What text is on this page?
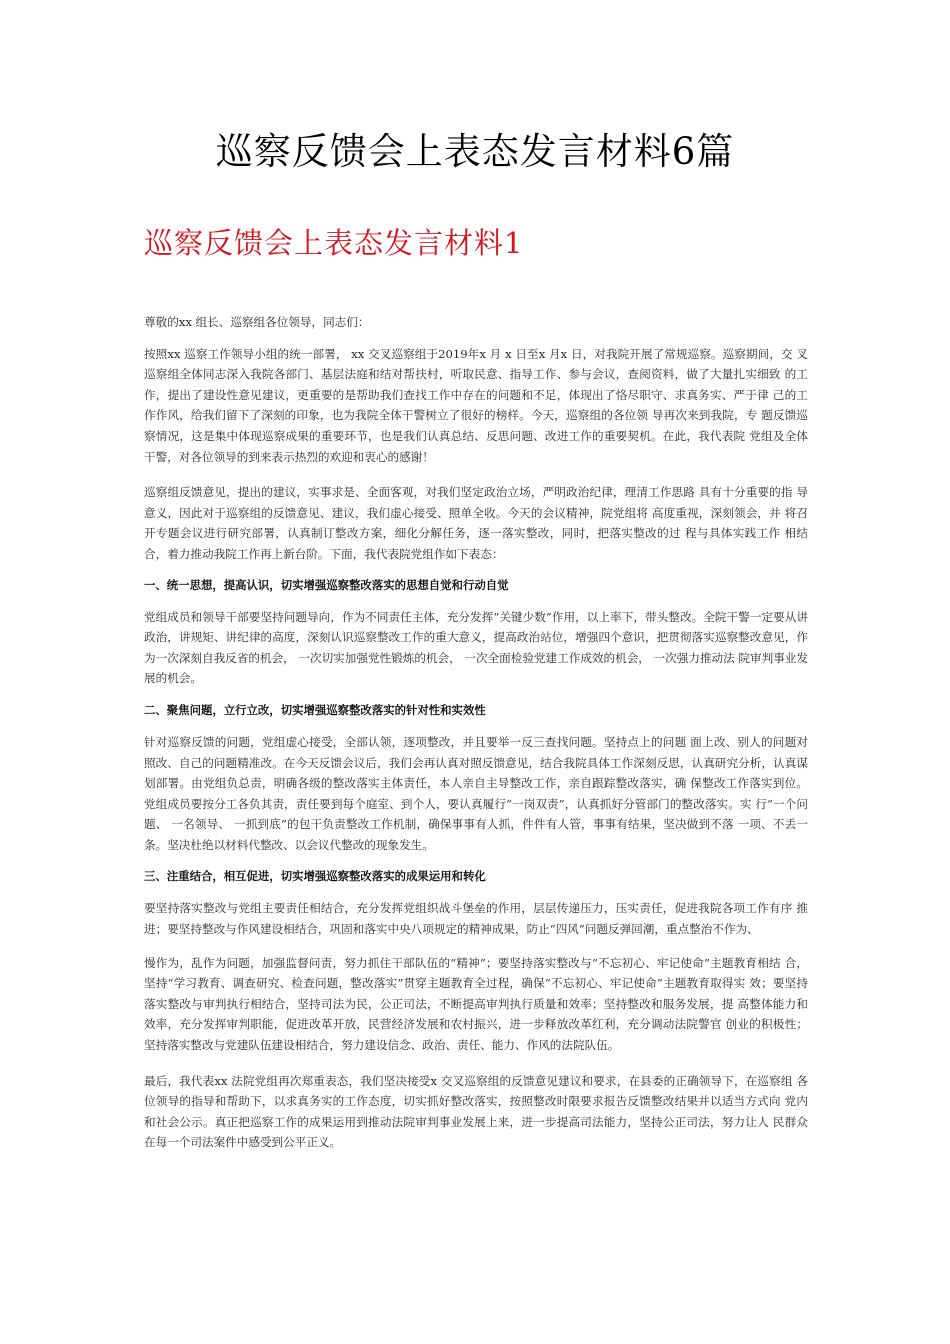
巡察反馈会上表态发言材料6篇
巡察反馈会上表态发言材料1

尊敬的xx 组长、巡察组各位领导，同志们：

按照xx 巡察工作领导小组的统一部署， xx 交叉巡察组于2019年x 月 x 日至x 月x 日，对我院开展了常规巡察。巡察期间，交 叉巡察组全体同志深入我院各部门、基层法庭和结对帮扶村，听取民意、指导工作、参与会议，查阅资料，做了大量扎实细致 的工作，提出了建设性意见建议，更重要的是帮助我们查找工作中存在的问题和不足，体现出了恪尽职守、求真务实、严于律 己的工作作风，给我们留下了深刻的印象，也为我院全体干警树立了很好的榜样。今天，巡察组的各位领 导再次来到我院，专 题反馈巡察情况，这是集中体现巡察成果的重要环节，也是我们认真总结、反思问题、改进工作的重要契机。在此，我代表院 党组及全体干警，对各位领导的到来表示热烈的欢迎和衷心的感谢！

巡察组反馈意见，提出的建议，实事求是、全面客观，对我们坚定政治立场，严明政治纪律，理清工作思路 具有十分重要的指 导意义，因此对于巡察组的反馈意见、建议，我们虚心接受、照单全收。今天的会议精神，院党组将 高度重视，深刻领会，并 将召开专题会议进行研究部署，认真制订整改方案，细化分解任务，逐一落实整改，同时，把落实整改的过 程与具体实践工作 相结合，着力推动我院工作再上新台阶。下面，我代表院党组作如下表态：

一、统一思想，提高认识，切实增强巡察整改落实的思想自觉和行动自觉

党组成员和领导干部要坚持问题导向，作为不同责任主体，充分发挥“关键少数”作用，以上率下，带头整改。全院干警一定要从讲政治，讲规矩、讲纪律的高度，深刻认识巡察整改工作的重大意义，提高政治站位，增强四个意识，把贯彻落实巡察整改意见，作为一次深刻自我反省的机会， 一次切实加强党性锻炼的机会， 一次全面检验党建工作成效的机会， 一次强力推动法 院审判事业发展的机会。

二、聚焦问题，立行立改，切实增强巡察整改落实的针对性和实效性

针对巡察反馈的问题，党组虚心接受，全部认领，逐项整改，并且要举一反三查找问题。坚持点上的问题 面上改、别人的问题对照改、自己的问题精准改。在今天反馈会议后，我们会再认真对照反馈意见，结合我院具体工作深刻反思，认真研究分析，认真谋划部署。由党组负总责，明确各级的整改落实主体责任，本人亲自主导整改工作，亲自跟踪整改落实，确 保整改工作落实到位。党组成员要按分工各负其责，责任要到每个庭室、到个人，要认真履行“一岗双责”，认真抓好分管部门的整改落实。实 行“一个问题、 一名领导、 一抓到底”的包干负责整改工作机制，确保事事有人抓，件件有人管，事事有结果，坚决做到不落 一项、不丢一条。坚决杜绝以材料代整改、以会议代整改的现象发生。

三、注重结合，相互促进，切实增强巡察整改落实的成果运用和转化

要坚持落实整改与党组主要责任相结合，充分发挥党组织战斗堡垒的作用，层层传递压力，压实责任，促进我院各项工作有序 推进；要坚持整改与作风建设相结合，巩固和落实中央八项规定的精神成果，防止“四风”问题反弹回潮，重点整治不作为、

慢作为，乱作为问题，加强监督问责，努力抓住干部队伍的“精神”；要坚持落实整改与“不忘初心、牢记使命”主题教育相结 合，坚持“学习教育、调查研究、检查问题，整改落实”贯穿主题教育全过程，确保“不忘初心、牢记使命”主题教育取得实 效；要坚持落实整改与审判执行相结合，坚持司法为民，公正司法，不断提高审判执行质量和效率；坚持整改和服务发展，提 高整体能力和效率，充分发挥审判职能，促进改革开放，民营经济发展和农村振兴，进一步释放改革红利，充分调动法院警官 创业的积极性；坚持落实整改与党建队伍建设相结合，努力建设信念、政治、责任、能力、作风的法院队伍。

最后，我代表xx 法院党组再次郑重表态，我们坚决接受x 交叉巡察组的反馈意见建议和要求，在县委的正确领导下，在巡察组 各位领导的指导和帮助下，以求真务实的工作态度，切实抓好整改落实，按照整改时限要求报告反馈整改结果并以适当方式向 党内和社会公示。真正把巡察工作的成果运用到推动法院审判事业发展上来，进一步提高司法能力，坚持公正司法，努力让人 民群众在每一个司法案件中感受到公平正义。
